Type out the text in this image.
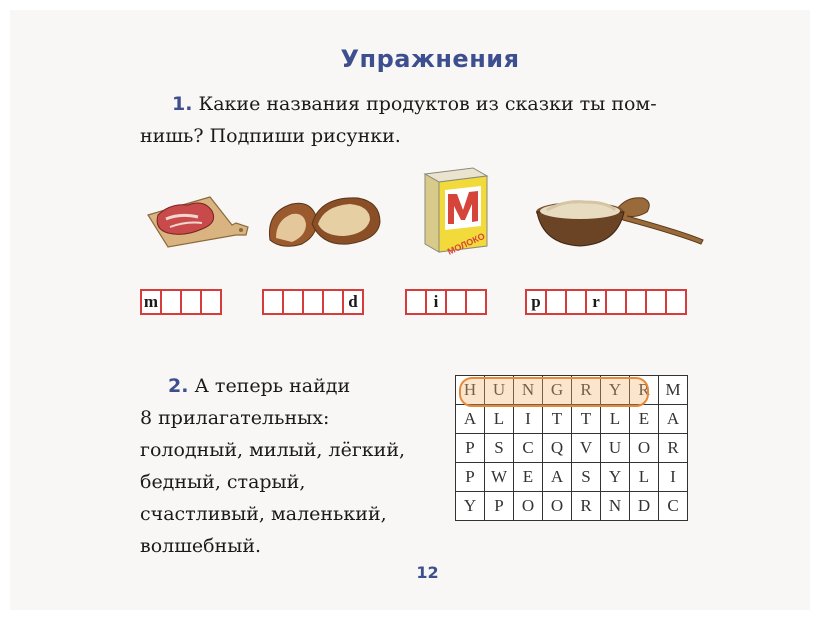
Упражнения
1. Какие названия продуктов из сказки ты пом-
нишь? Подпиши рисунки.
МОЛОКО
m	d	i	p	r
2. А теперь найди
8 прилагательных:
голодный, милый, лёгкий,
бедный, старый,
счастливый, маленький,
волшебный.
H	U	N	G	R	Y	R	M
A	L	I	T	T	L	E	A
P	S	C	Q	V	U	O	R
P	W	E	A	S	Y	L	I
Y	P	O	O	R	N	D	C
12
